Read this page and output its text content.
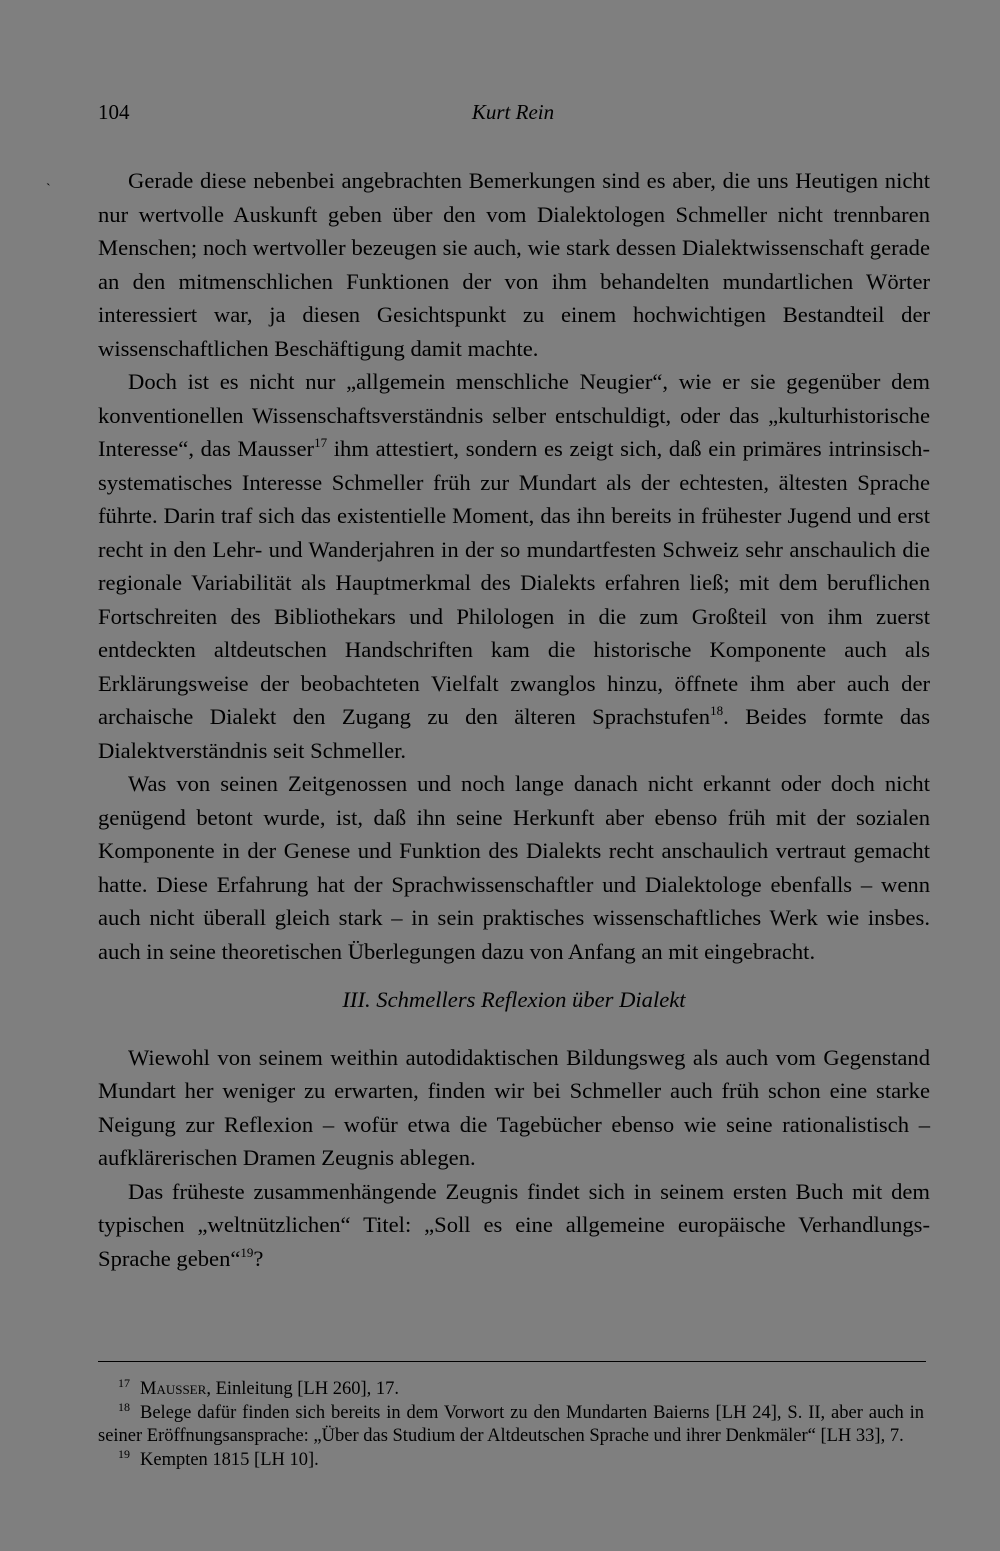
104	Kurt Rein
`	Gerade diese nebenbei angebrachten Bemerkungen sind es aber, die uns Heutigen nicht nur wertvolle Auskunft geben über den vom Dialektologen Schmeller nicht trennbaren Menschen; noch wertvoller bezeugen sie auch, wie stark dessen Dialektwissenschaft gerade an den mitmenschlichen Funktionen der von ihm behandelten mundartlichen Wörter interessiert war, ja diesen Gesichtspunkt zu einem hochwichtigen Bestandteil der wissenschaftlichen Beschäftigung damit machte.

Doch ist es nicht nur „allgemein menschliche Neugier“, wie er sie gegenüber dem konventionellen Wissenschaftsverständnis selber entschuldigt, oder das „kulturhistorische Interesse“, das Mausser$^{17}$ ihm attestiert, sondern es zeigt sich, daß ein primäres intrinsisch-systematisches Interesse Schmeller früh zur Mundart als der echtesten, ältesten Sprache führte. Darin traf sich das existentielle Moment, das ihn bereits in frühester Jugend und erst recht in den Lehr- und Wanderjahren in der so mundartfesten Schweiz sehr anschaulich die regionale Variabilität als Hauptmerkmal des Dialekts erfahren ließ; mit dem beruflichen Fortschreiten des Bibliothekars und Philologen in die zum Großteil von ihm zuerst entdeckten altdeutschen Handschriften kam die historische Komponente auch als Erklärungsweise der beobachteten Vielfalt zwanglos hinzu, öffnete ihm aber auch der archaische Dialekt den Zugang zu den älteren Sprachstufen$^{18}$. Beides formte das Dialektverständnis seit Schmeller.

Was von seinen Zeitgenossen und noch lange danach nicht erkannt oder doch nicht genügend betont wurde, ist, daß ihn seine Herkunft aber ebenso früh mit der sozialen Komponente in der Genese und Funktion des Dialekts recht anschaulich vertraut gemacht hatte. Diese Erfahrung hat der Sprachwissenschaftler und Dialektologe ebenfalls – wenn auch nicht überall gleich stark – in sein praktisches wissenschaftliches Werk wie insbes. auch in seine theoretischen Überlegungen dazu von Anfang an mit eingebracht.

III. Schmellers Reflexion über Dialekt

Wiewohl von seinem weithin autodidaktischen Bildungsweg als auch vom Gegenstand Mundart her weniger zu erwarten, finden wir bei Schmeller auch früh schon eine starke Neigung zur Reflexion – wofür etwa die Tagebücher ebenso wie seine rationalistisch – aufklärerischen Dramen Zeugnis ablegen.

Das früheste zusammenhängende Zeugnis findet sich in seinem ersten Buch mit dem typischen „weltnützlichen“ Titel: „Soll es eine allgemeine europäische Verhandlungs-Sprache geben“$^{19}$?

$^{17}$ Mausser, Einleitung [LH 260], 17.

$^{18}$ Belege dafür finden sich bereits in dem Vorwort zu den Mundarten Baierns [LH 24], S. II, aber auch in seiner Eröffnungsansprache: „Über das Studium der Altdeutschen Sprache und ihrer Denkmäler“ [LH 33], 7.

$^{19}$ Kempten 1815 [LH 10].
